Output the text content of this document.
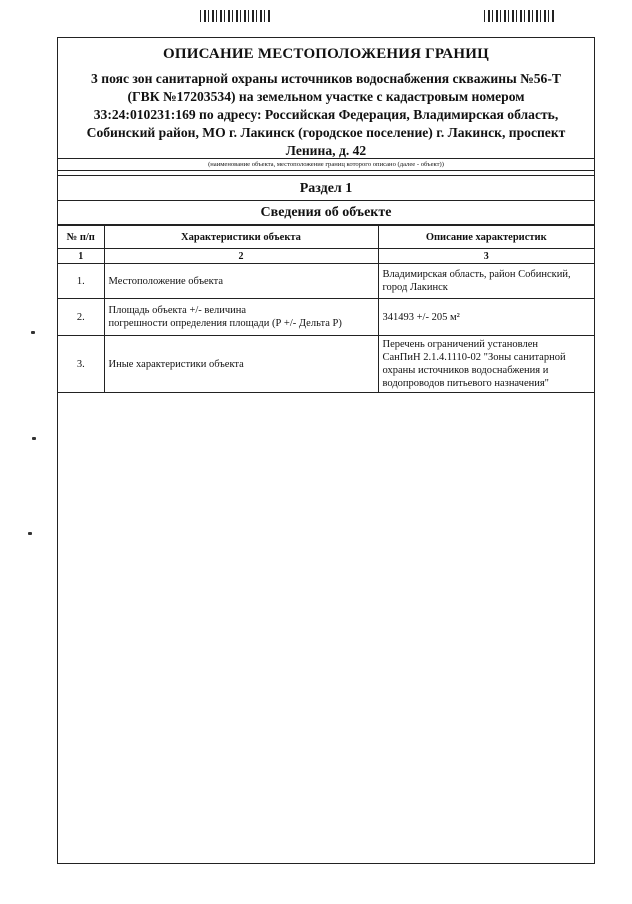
ОПИСАНИЕ МЕСТОПОЛОЖЕНИЯ ГРАНИЦ
3 пояс зон санитарной охраны источников водоснабжения скважины №56-Т
(ГВК №17203534) на земельном участке с кадастровым номером
33:24:010231:169 по адресу: Российская Федерация, Владимирская область,
Собинский район, МО г. Лакинск (городское поселение) г. Лакинск, проспект
Ленина, д. 42
(наименование объекта, местоположение границ которого описано (далее - объект))
Раздел 1
Сведения об объекте
№ п/п	Характеристики объекта	Описание характеристик
1	2	3
1.	Местоположение объекта	Владимирская область, район Собинский,
город Лакинск

2.	Площадь объекта +/- величина
погрешности определения площади (Р +/- Дельта Р)	341493 +/- 205 м²

3.	Иные характеристики объекта	Перечень ограничений установлен
СанПиН 2.1.4.1110-02 "Зоны санитарной
охраны источников водоснабжения и
водопроводов питьевого назначения"
